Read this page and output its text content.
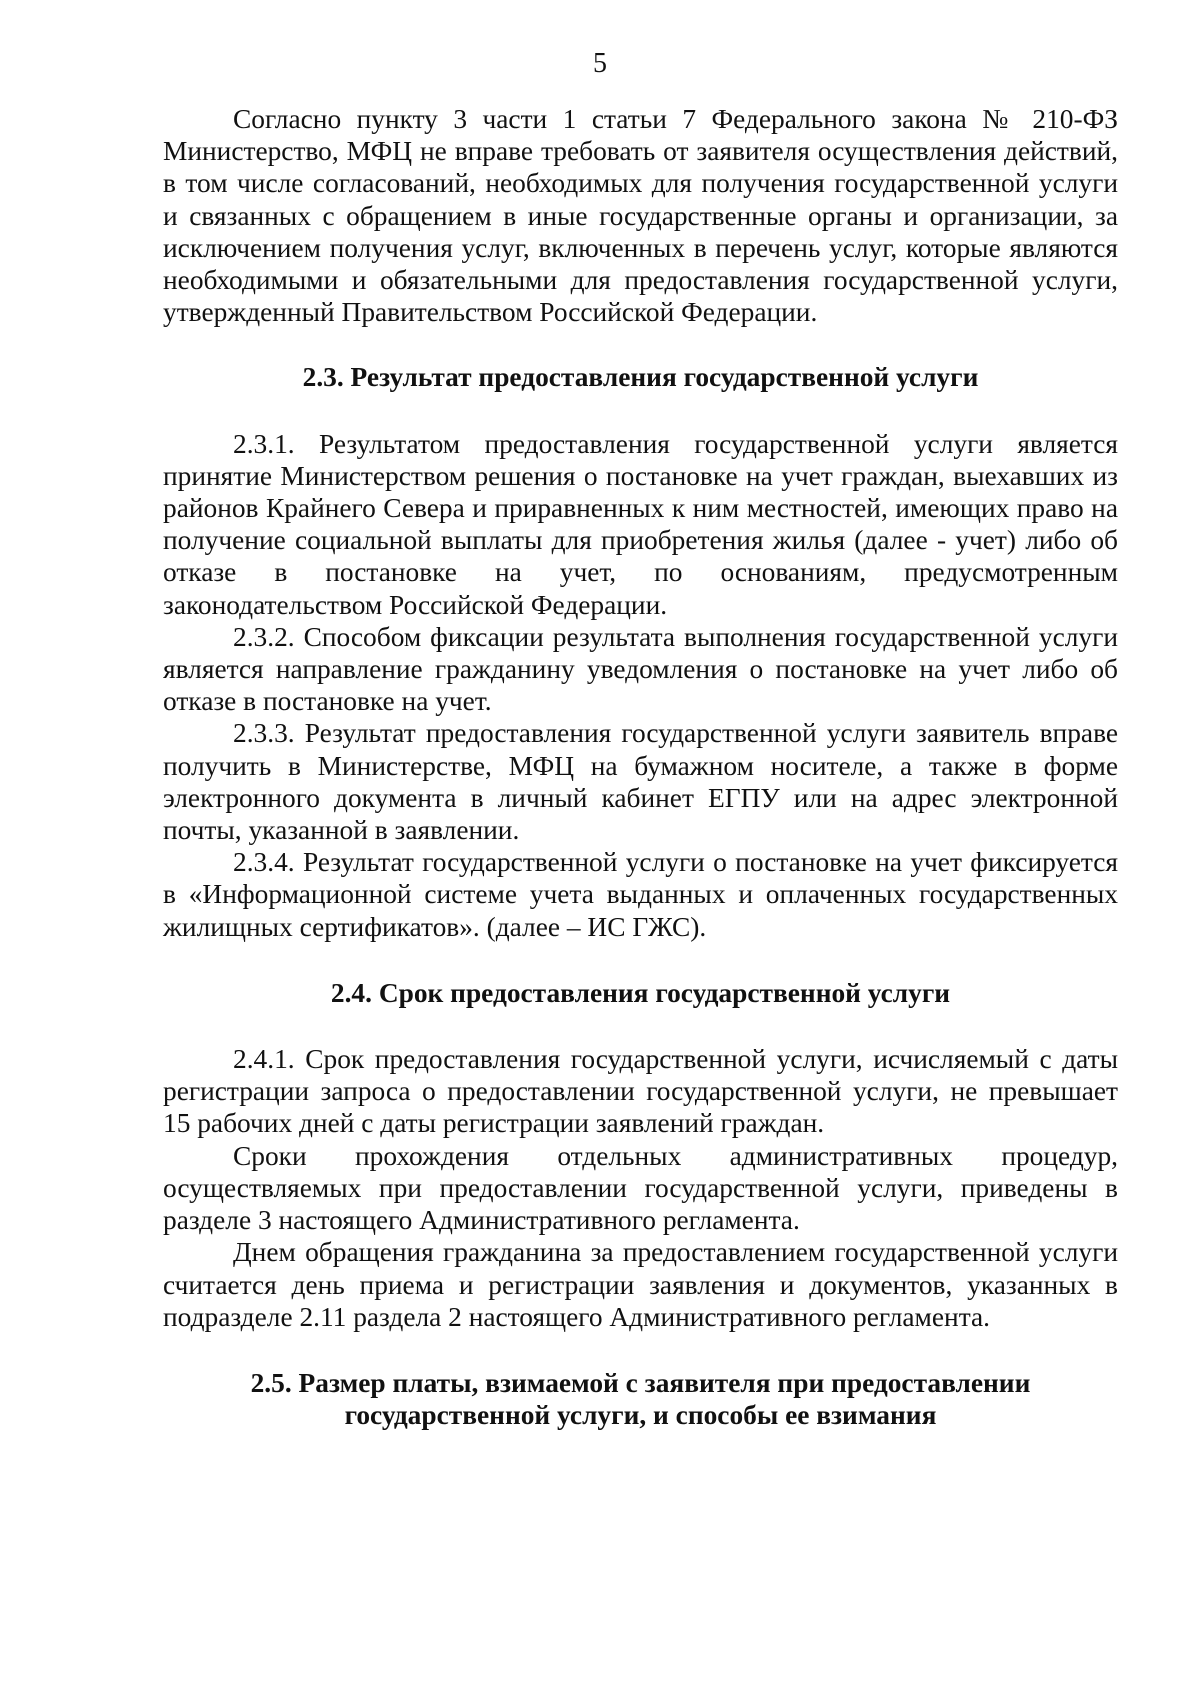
5

Согласно пункту 3 части 1 статьи 7 Федерального закона № 210-ФЗ Министерство, МФЦ не вправе требовать от заявителя осуществления действий, в том числе согласований, необходимых для получения государственной услуги и связанных с обращением в иные государственные органы и организации, за исключением получения услуг, включенных в перечень услуг, которые являются необходимыми и обязательными для предоставления государственной услуги, утвержденный Правительством Российской Федерации.

2.3. Результат предоставления государственной услуги

2.3.1. Результатом предоставления государственной услуги является принятие Министерством решения о постановке на учет граждан, выехавших из районов Крайнего Севера и приравненных к ним местностей, имеющих право на получение социальной выплаты для приобретения жилья (далее - учет) либо об отказе в постановке на учет, по основаниям, предусмотренным законодательством Российской Федерации.

2.3.2. Способом фиксации результата выполнения государственной услуги является направление гражданину уведомления о постановке на учет либо об отказе в постановке на учет.

2.3.3. Результат предоставления государственной услуги заявитель вправе получить в Министерстве, МФЦ на бумажном носителе, а также в форме электронного документа в личный кабинет ЕГПУ или на адрес электронной почты, указанной в заявлении.

2.3.4. Результат государственной услуги о постановке на учет фиксируется в «Информационной системе учета выданных и оплаченных государственных жилищных сертификатов». (далее – ИС ГЖС).

2.4. Срок предоставления государственной услуги

2.4.1. Срок предоставления государственной услуги, исчисляемый с даты регистрации запроса о предоставлении государственной услуги, не превышает 15 рабочих дней с даты регистрации заявлений граждан.

Сроки прохождения отдельных административных процедур, осуществляемых при предоставлении государственной услуги, приведены в разделе 3 настоящего Административного регламента.

Днем обращения гражданина за предоставлением государственной услуги считается день приема и регистрации заявления и документов, указанных в подразделе 2.11 раздела 2 настоящего Административного регламента.

2.5. Размер платы, взимаемой с заявителя при предоставлении
государственной услуги, и способы ее взимания
